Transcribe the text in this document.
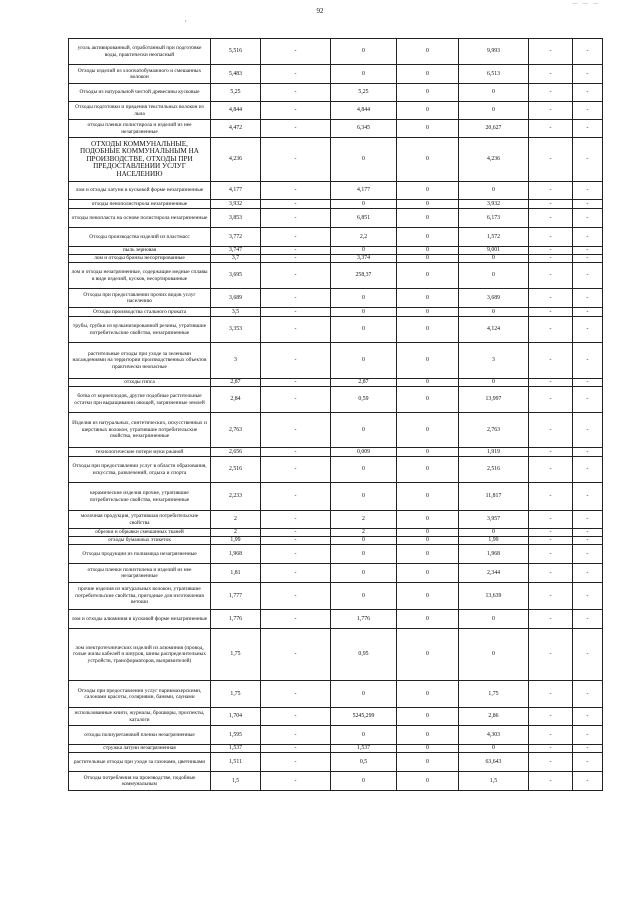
92
— — —
,
уголь активированный, отработанный при подготовке воды, практически неопасный	5,516	-	0	0	9,993	-	-
Отходы изделий из хлопчатобумажного и смешанных волокон	5,483	-	0	0	6,513	-	-
Отходы из натуральной чистой древесины кусковые	5,25	-	5,25	0	0	-	-
Отходы подготовки и прядения текстильных волокон из льна	4,844	-	4,844	0	0	-	-
отходы пленки полистирола и изделий из нее незагрязненные	4,472	-	6,345	0	20,627	-	-
ОТХОДЫ КОММУНАЛЬНЫЕ, ПОДОБНЫЕ КОММУНАЛЬНЫМ НА ПРОИЗВОДСТВЕ, ОТХОДЫ ПРИ ПРЕДОСТАВЛЕНИИ УСЛУГ НАСЕЛЕНИЮ	4,236	-	0	0	4,236	-	-
лом и отходы латуни в кусковой форме незагрязненные	4,177	-	4,177	0	0	-	-
отходы пенополистирола незагрязненные	3,932	-	0	0	3,932	-	-
отходы пенопласта на основе полистирола незагрязненные	3,853	-	6,851	0	6,173	-	-
Отходы производства изделий из пластмасс	3,772	-	2,2	0	1,572	-	-
пыль зерновая	3,747	-	0	0	9,001	-	-
лом и отходы бронзы несортированные	3,7	-	3,374	0	0	-	-
лом и отходы незагрязненные, содержащие медные сплавы в виде изделий, кусков, несортированные	3,695	-	258,37	0	0	-	-
Отходы при предоставлении прочих видов услуг населению	3,689	-	0	0	3,689	-	-
Отходы производства стального проката	3,5	-	0	0	0	-	-
трубы, трубки из вулканизированной резины, утратившие потребительские свойства, незагрязненные	3,353	-	0	0	4,124	-	-
растительные отходы при уходе за зелеными насаждениями на территории производственных объектов практически неопасные	3	-	0	0	3	-	-
отходы гипса	2,87	-	2,87	0	0	-	-
ботва от корнеплодов, другие подобные растительные остатки при выращивании овощей, загрязненные землей	2,84	-	0,59	0	13,997	-	-
Изделия из натуральных, синтетических, искусственных и шерстяных волокон, утратившие потребительские свойства, незагрязненные	2,763	-	0	0	2,763	-	-
технологические потери муки ржаной	2,656	-	0,009	0	1,919	-	-
Отходы при предоставлении услуг в области образования, искусства, развлечений, отдыха и спорта	2,516	-	0	0	2,516	-	-
керамические изделия прочие, утратившие потребительские свойства, незагрязненные	2,233	-	0	0	11,817	-	-
молочная продукция, утратившая потребительские свойства	2	-	2	0	3,957	-	-
обрезки и обрывки смешанных тканей	2	-	2	0	0	-	-
отходы бумажных этикеток	1,99	-	0	0	1,99	-	-
Отходы продукции из полиамида незагрязненные	1,968	-	0	0	1,968	-	-
отходы пленки полиэтилена и изделий из нее незагрязненные	1,81	-	0	0	2,344	-	-
прочие изделия из натуральных волокон, утратившие потребительские свойства, пригодные для изготовления ветоши	1,777	-	0	0	13,639	-	-
лом и отходы алюминия в кусковой форме незагрязненные	1,776	-	1,776	0	0	-	-
лом электротехнических изделий из алюминия (провод, голые жилы кабелей и шнуров, шины распределительных устройств, трансформаторов, выпрямителей)	1,75	-	0,95	0	0	-	-
Отходы при предоставлении услуг парикмахерскими, салонами красоты, соляриями, банями, саунами	1,75	-	0	0	1,75	-	-
использованные книги, журналы, брошюры, проспекты, каталоги	1,704	-	5245,299	0	2,86	-	-
отходы полиуретановой пленки незагрязненные	1,595	-	0	0	4,303	-	-
стружка латуни незагрязненная	1,537	-	1,537	0	0	-	-
растительные отходы при уходе за газонами, цветниками	1,511	-	0,5	0	63,643	-	-
Отходы потребления на производстве, подобные коммунальным	1,5	-	0	0	1,5	-	-
